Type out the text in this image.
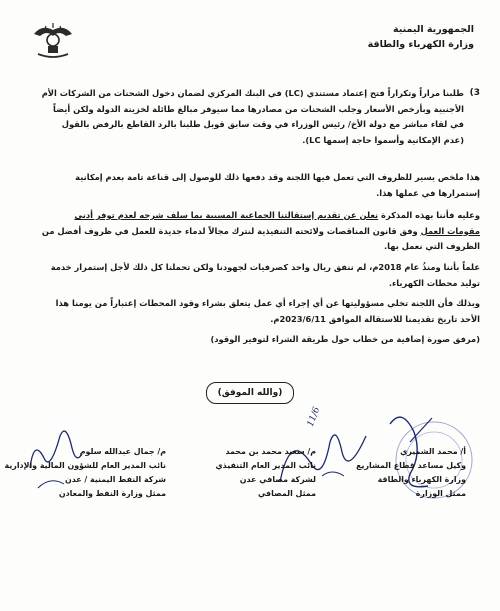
الجمهورية اليمنية
وزارة الكهرباء والطاقة
(3

طلبنا مراراً وتكراراً فتح إعتماد مستندي (LC) في البنك المركزي لضمان دخول الشحنات من الشركات الأم الأجنبية وبأرخص الأسعار وجلب الشحنات من مصادرها مما سيوفر مبالغ طائلة لخزينة الدولة ولكن أيضاً في لقاء مباشر مع دولة الأخ/ رئيس الوزراء في وقت سابق قوبل طلبنا بالرد القاطع بالرفض بالقول (عدم الإمكانية وأسموا حاجة إسمها LC).

هذا ملخص يسير للظروف التي تعمل فيها اللجنة وقد دفعها ذلك للوصول إلى قناعة تامة بعدم إمكانية إستمرارها في عملها هذا.

وعليه فأننا بهذه المذكرة نعلن عن تقديم إستقالتنا الجماعية المسببة بما سلف شرحه لعدم توفر أدنى مقومات العمل وفق قانون المناقصات ولائحته التنفيذية لنترك مجالاً لدماء جديدة للعمل في ظروف أفضل من الظروف التي نعمل بها.

علماً بأننا ومنذُ عام 2018م، لم ننفق ريال واحد كصرفيات لجهودنا ولكن تحملنا كل ذلك لأجل إستمرار خدمة توليد محطات الكهرباء.

وبذلك فأن اللجنة تخلي مسؤوليتها عن أي إجراء أي عمل يتعلق بشراء وقود المحطات إعتباراً من يومنا هذا الأحد تاريخ تقديمنا للاستقالة الموافق 2023/6/11م.

(مرفق صورة إضافية من خطاب حول طريقة الشراء لتوفير الوقود)

(والله الموفق)
11/6
أ/ محمد الشميري
وكيل مساعد قطاع المشاريع
وزارة الكهرباء والطاقة
ممثل الوزارة
م/ سعيد محمد بن محمد
نائب المدير العام التنفيذي
لشركة مصافي عدن
ممثل المصافي
م/ جمال عبدالله سلوم
نائب المدير العام للشؤون المالية والإدارية
شركة النفط اليمنية / عدن
ممثل وزارة النفط والمعادن
